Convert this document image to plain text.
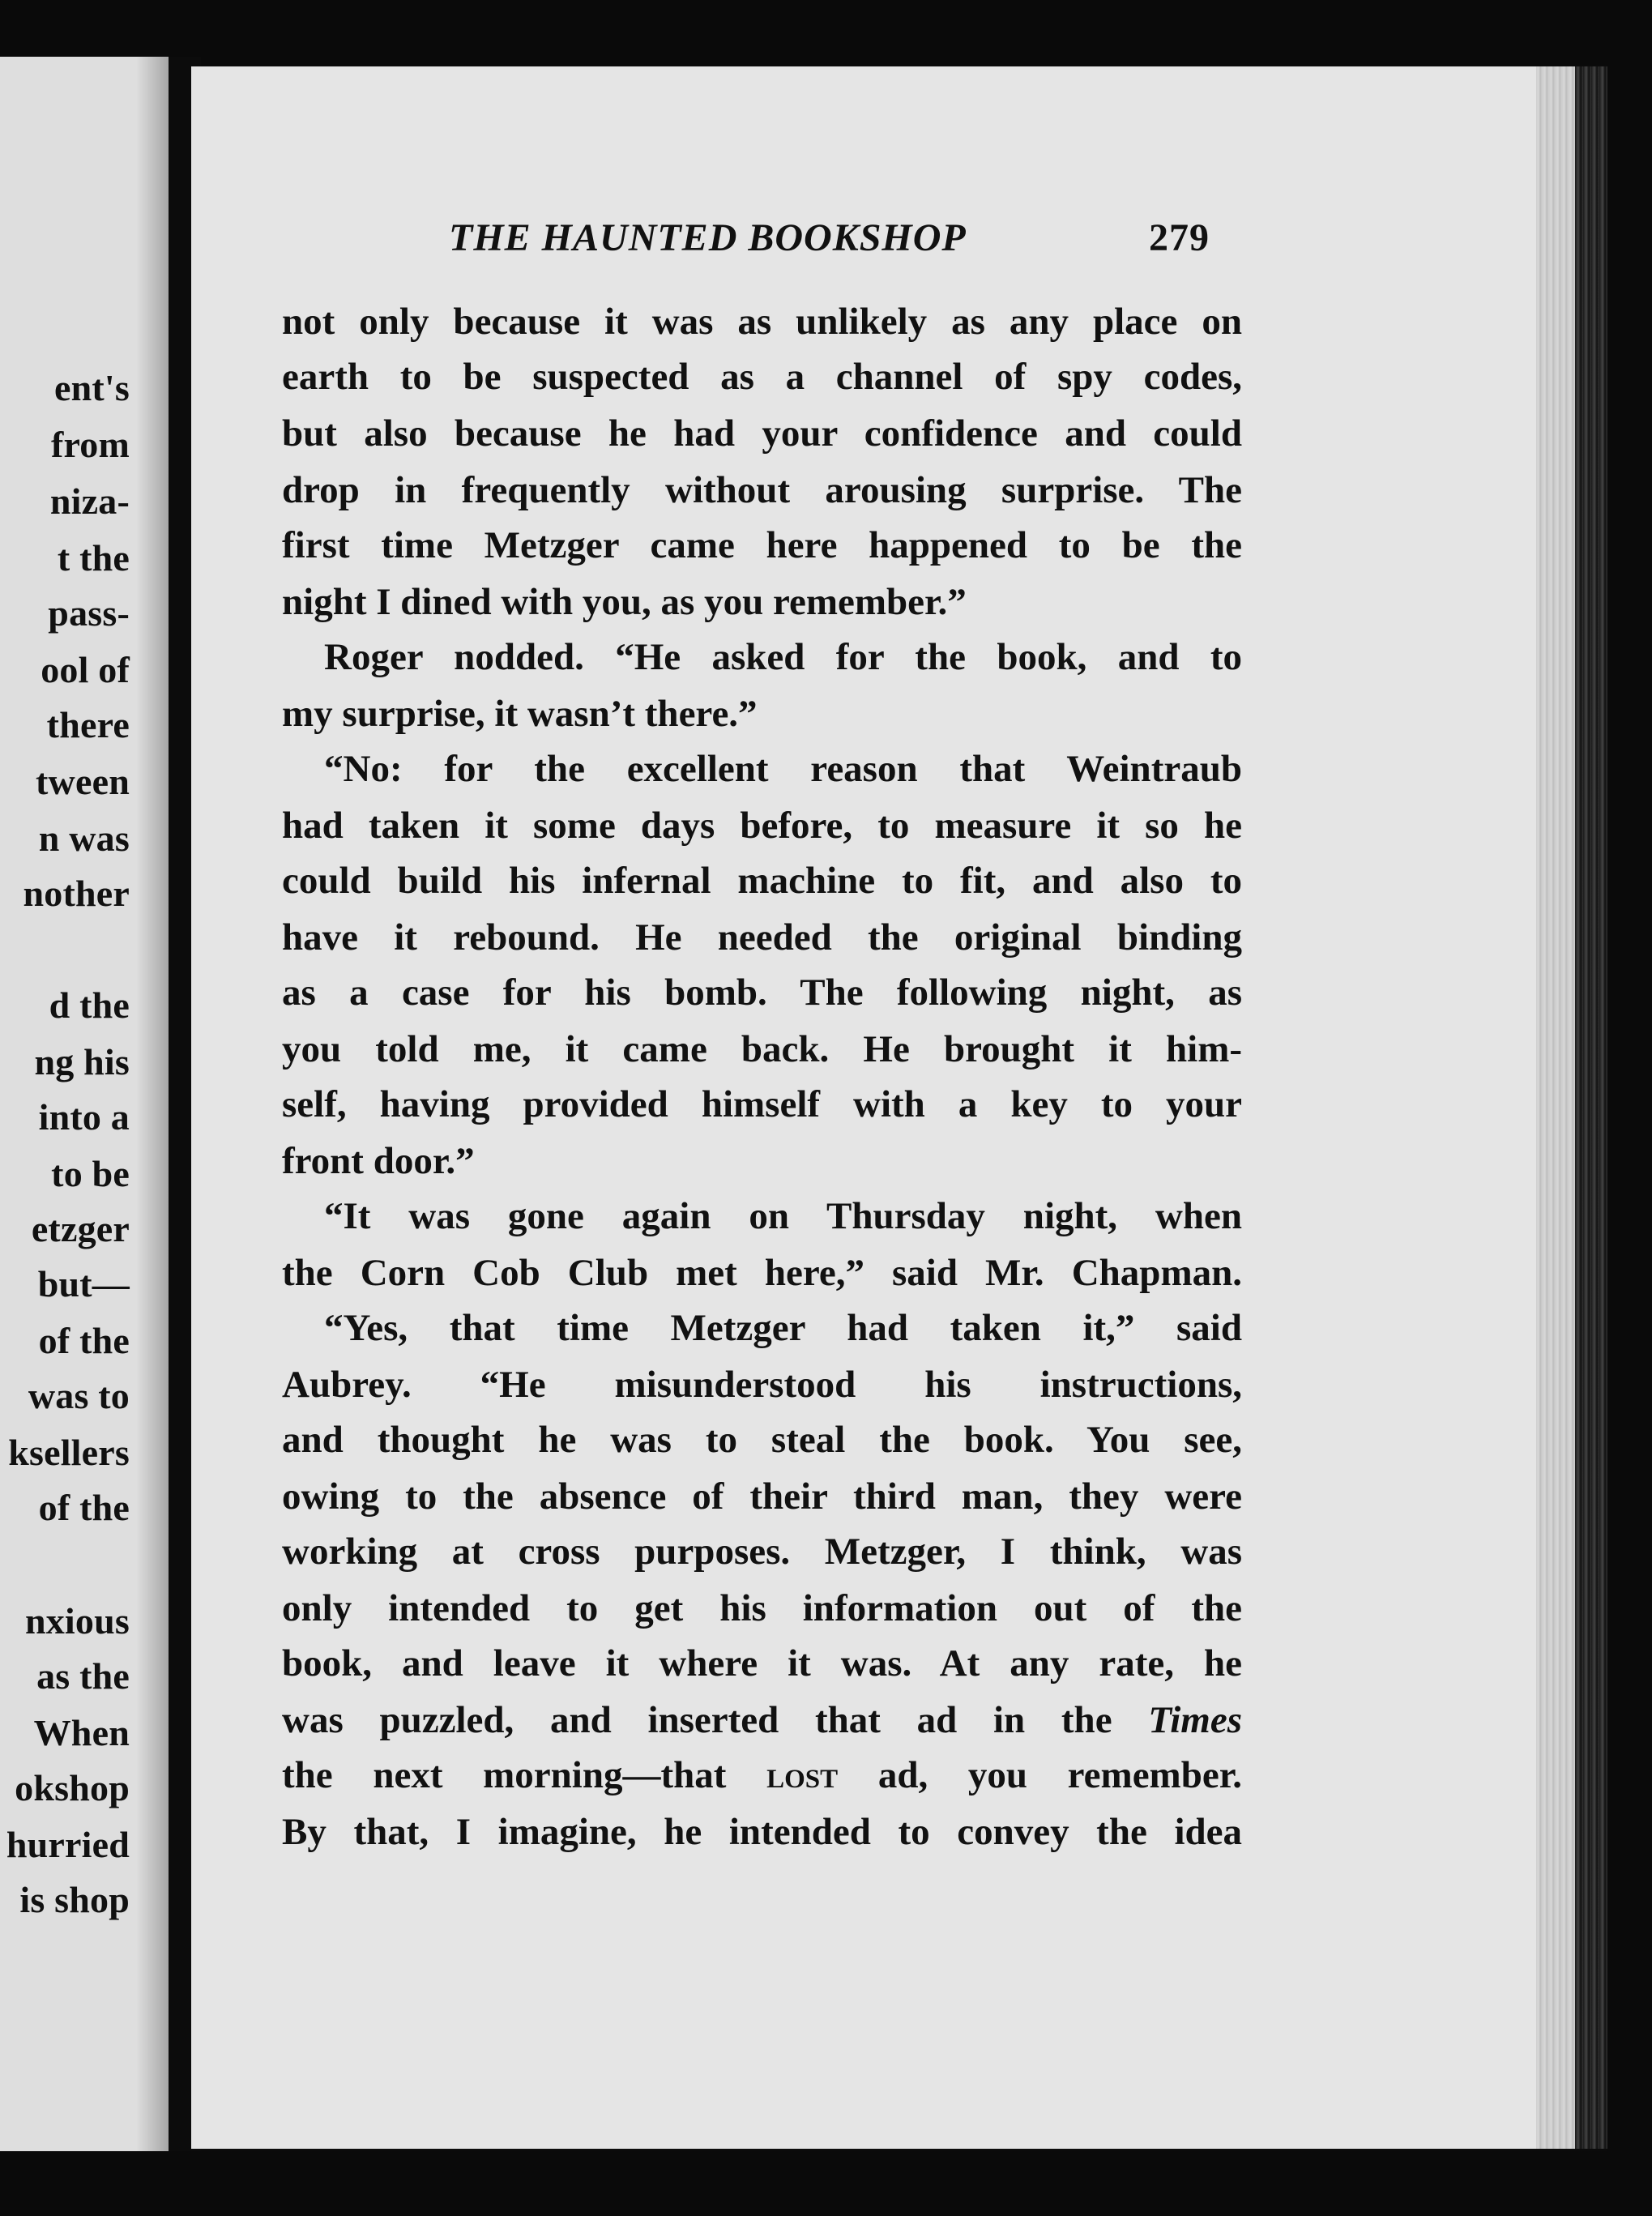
ent's
from
niza-
t the
pass-
ool of
there
tween
n was
nother
d the
ng his
into a
to be
etzger
but—
of the
was to
ksellers
of the
nxious
as the
When
okshop
hurried
is shop
THE HAUNTED BOOKSHOP	279
not only because it was as unlikely as any place on
earth to be suspected as a channel of spy codes,
but also because he had your confidence and could
drop in frequently without arousing surprise. The
first time Metzger came here happened to be the
night I dined with you, as you remember.”
Roger nodded. “He asked for the book, and to
my surprise, it wasn’t there.”
“No: for the excellent reason that Weintraub
had taken it some days before, to measure it so he
could build his infernal machine to fit, and also to
have it rebound. He needed the original binding
as a case for his bomb. The following night, as
you told me, it came back. He brought it him-
self, having provided himself with a key to your
front door.”
“It was gone again on Thursday night, when
the Corn Cob Club met here,” said Mr. Chapman.
“Yes, that time Metzger had taken it,” said
Aubrey. “He misunderstood his instructions,
and thought he was to steal the book. You see,
owing to the absence of their third man, they were
working at cross purposes. Metzger, I think, was
only intended to get his information out of the
book, and leave it where it was. At any rate, he
was puzzled, and inserted that ad in the Times
the next morning—that lost ad, you remember.
By that, I imagine, he intended to convey the idea
